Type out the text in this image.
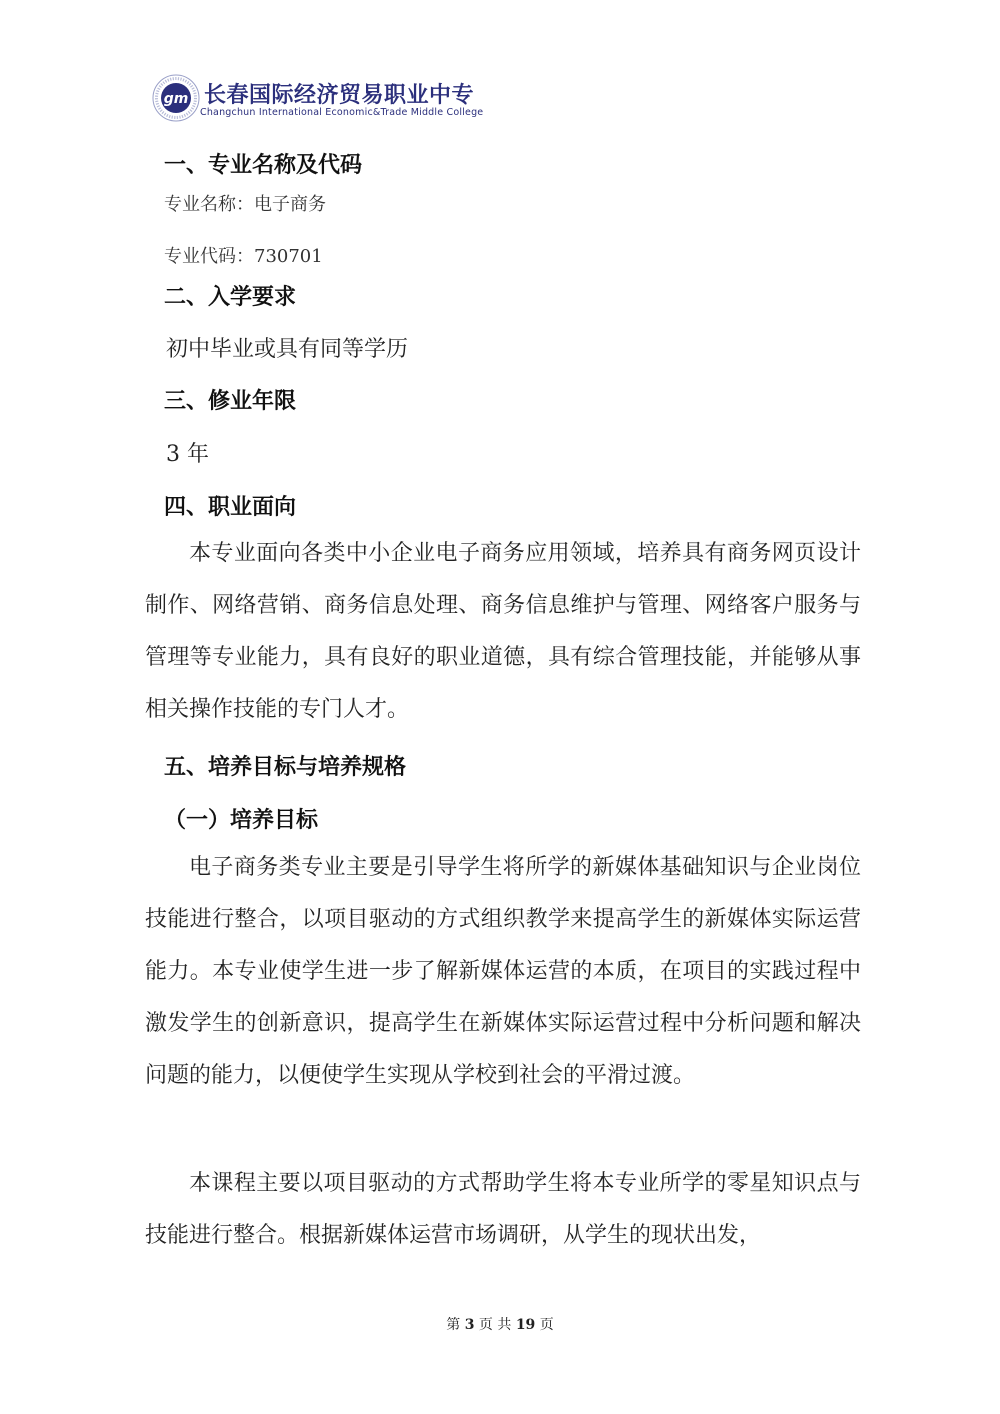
gm 长春国际经济贸易职业中专
Changchun International Economic&Trade Middle College
一、专业名称及代码
专业名称：电子商务
专业代码：730701
二、入学要求
初中毕业或具有同等学历
三、修业年限
3 年
四、职业面向
本专业面向各类中小企业电子商务应用领域，培养具有商务网页设计制作、网络营销、商务信息处理、商务信息维护与管理、网络客户服务与管理等专业能力，具有良好的职业道德，具有综合管理技能，并能够从事相关操作技能的专门人才。
五、培养目标与培养规格
（一）培养目标
电子商务类专业主要是引导学生将所学的新媒体基础知识与企业岗位技能进行整合，以项目驱动的方式组织教学来提高学生的新媒体实际运营能力。本专业使学生进一步了解新媒体运营的本质，在项目的实践过程中激发学生的创新意识，提高学生在新媒体实际运营过程中分析问题和解决问题的能力，以便使学生实现从学校到社会的平滑过渡。
本课程主要以项目驱动的方式帮助学生将本专业所学的零星知识点与技能进行整合。根据新媒体运营市场调研，从学生的现状出发，
第 3 页 共 19 页
